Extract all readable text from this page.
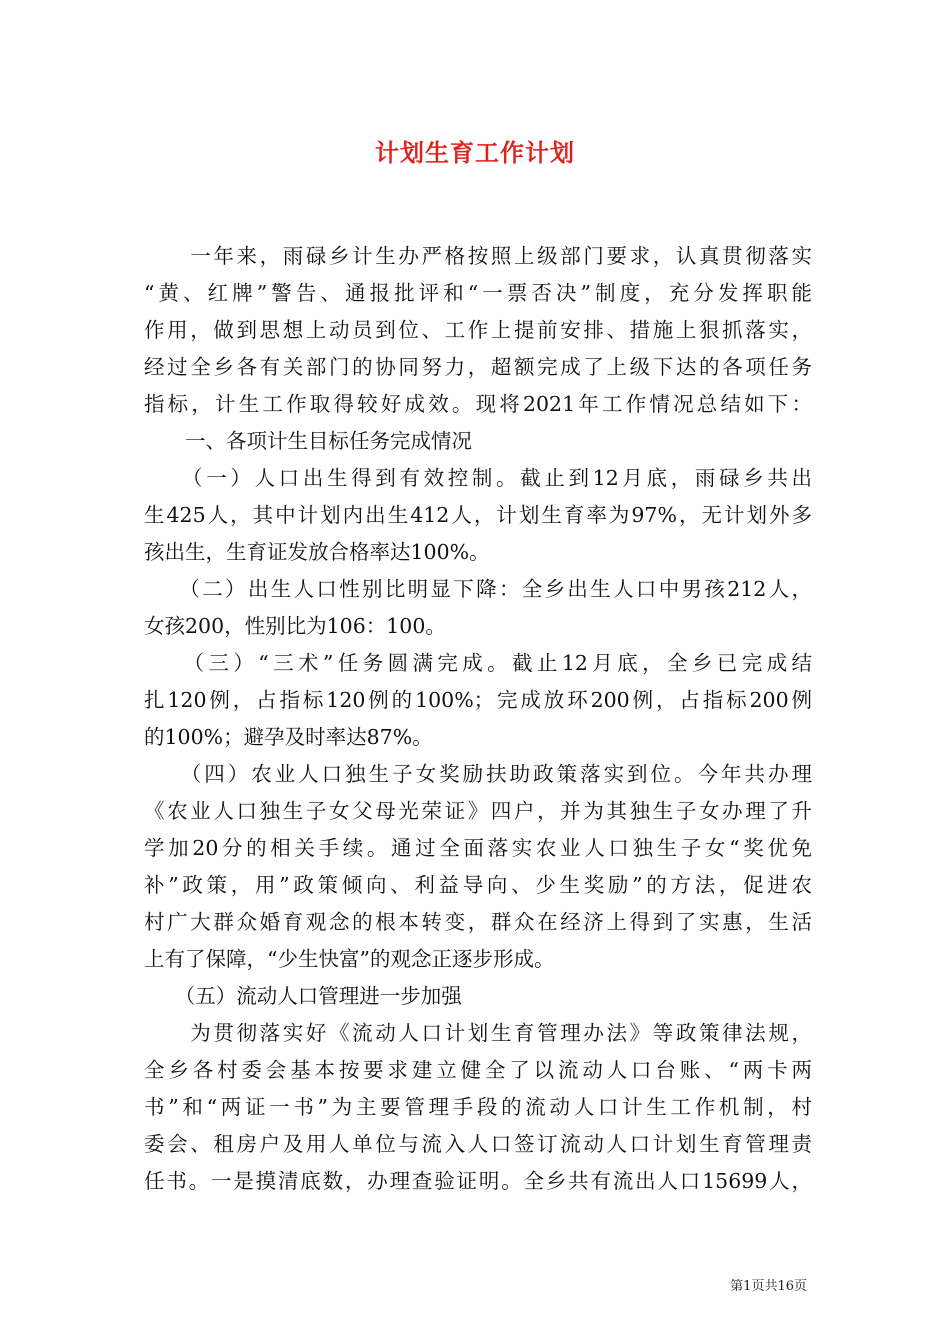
计划生育工作计划
　　一年来，雨碌乡计生办严格按照上级部门要求，认真贯彻落实
“黄、红牌”警告、通报批评和“一票否决”制度，充分发挥职能
作用，做到思想上动员到位、工作上提前安排、措施上狠抓落实，
经过全乡各有关部门的协同努力，超额完成了上级下达的各项任务
指标，计生工作取得较好成效。现将2021年工作情况总结如下：
　　一、各项计生目标任务完成情况
　　（一）人口出生得到有效控制。截止到12月底，雨碌乡共出
生425人，其中计划内出生412人，计划生育率为97%，无计划外多
孩出生，生育证发放合格率达100%。
　　（二）出生人口性别比明显下降：全乡出生人口中男孩212人，
女孩200，性别比为106：100。
　　（三）“三术”任务圆满完成。截止12月底，全乡已完成结
扎120例，占指标120例的100%；完成放环200例，占指标200例
的100%；避孕及时率达87%。
　　（四）农业人口独生子女奖励扶助政策落实到位。今年共办理
《农业人口独生子女父母光荣证》四户，并为其独生子女办理了升
学加20分的相关手续。通过全面落实农业人口独生子女“奖优免
补”政策，用”政策倾向、利益导向、少生奖励”的方法，促进农
村广大群众婚育观念的根本转变，群众在经济上得到了实惠，生活
上有了保障，“少生快富”的观念正逐步形成。
　　（五）流动人口管理进一步加强
　　为贯彻落实好《流动人口计划生育管理办法》等政策律法规，
全乡各村委会基本按要求建立健全了以流动人口台账、“两卡两
书”和“两证一书”为主要管理手段的流动人口计生工作机制，村
委会、租房户及用人单位与流入人口签订流动人口计划生育管理责
任书。一是摸清底数，办理查验证明。全乡共有流出人口15699人，
第1页共16页
